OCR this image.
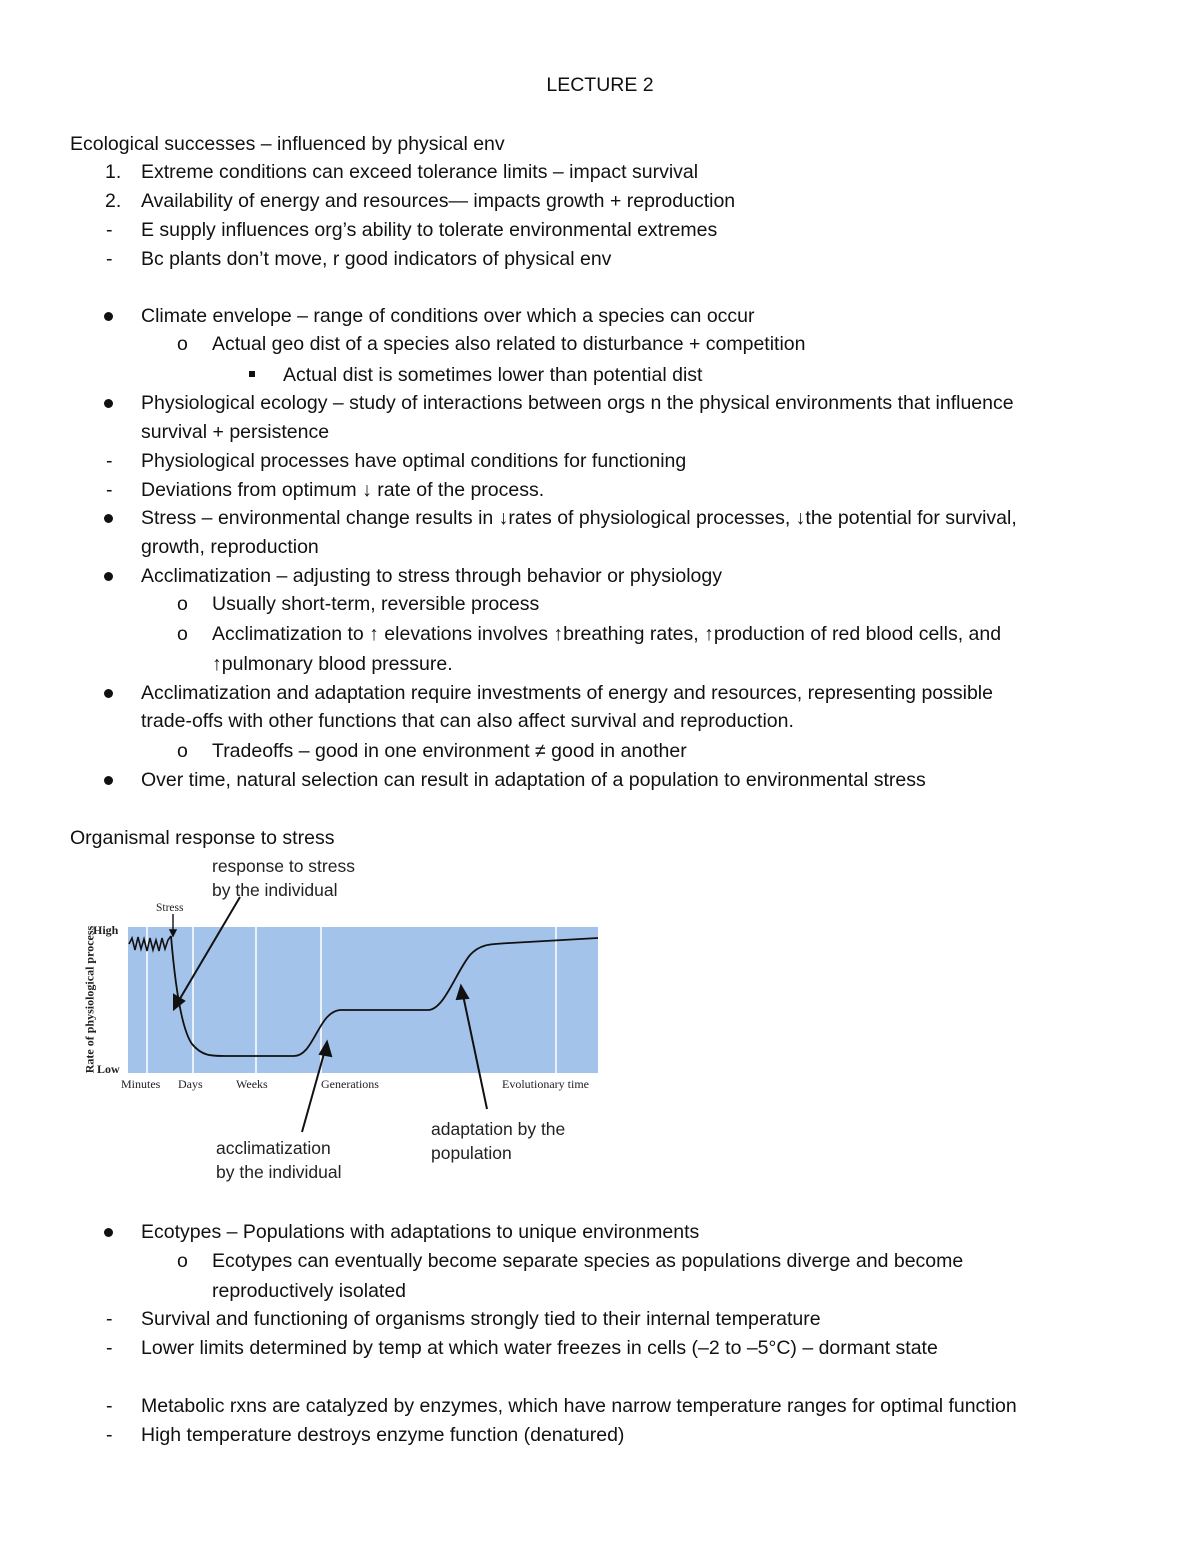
LECTURE 2
Ecological successes – influenced by physical env
1. Extreme conditions can exceed tolerance limits – impact survival
2. Availability of energy and resources— impacts growth + reproduction
- E supply influences org’s ability to tolerate environmental extremes
- Bc plants don’t move, r good indicators of physical env
Climate envelope – range of conditions over which a species can occur
o Actual geo dist of a species also related to disturbance + competition
Actual dist is sometimes lower than potential dist
Physiological ecology – study of interactions between orgs n the physical environments that influence
survival + persistence
- Physiological processes have optimal conditions for functioning
- Deviations from optimum ↓ rate of the process.
Stress – environmental change results in ↓rates of physiological processes, ↓the potential for survival,
growth, reproduction
Acclimatization – adjusting to stress through behavior or physiology
o Usually short-term, reversible process
o Acclimatization to ↑ elevations involves ↑breathing rates, ↑production of red blood cells, and
↑pulmonary blood pressure.
Acclimatization and adaptation require investments of energy and resources, representing possible
trade-offs with other functions that can also affect survival and reproduction.
o Tradeoffs – good in one environment ≠ good in another
Over time, natural selection can result in adaptation of a population to environmental stress
Organismal response to stress
response to stress
by the individual
Stress
High
Low
Rate of physiological process
Minutes Days	Weeks	Generations	Evolutionary time
adaptation by the
population
acclimatization
by the individual
Ecotypes – Populations with adaptations to unique environments
o Ecotypes can eventually become separate species as populations diverge and become
reproductively isolated
- Survival and functioning of organisms strongly tied to their internal temperature
- Lower limits determined by temp at which water freezes in cells (–2 to –5°C) – dormant state
- Metabolic rxns are catalyzed by enzymes, which have narrow temperature ranges for optimal function
- High temperature destroys enzyme function (denatured)
